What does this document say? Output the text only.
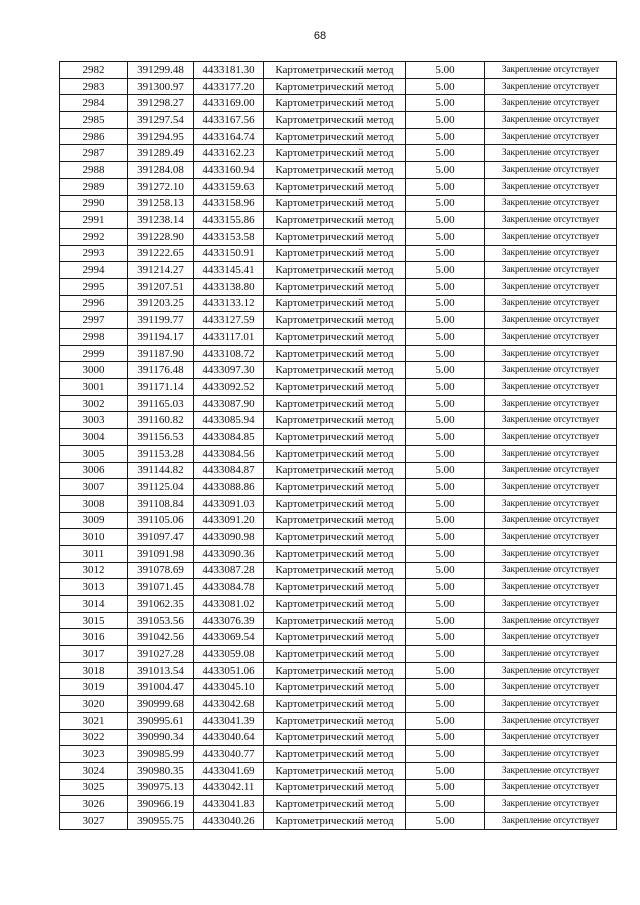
68
2982	391299.48	4433181.30	Картометрический метод	5.00	Закрепление отсутствует
2983	391300.97	4433177.20	Картометрический метод	5.00	Закрепление отсутствует
2984	391298.27	4433169.00	Картометрический метод	5.00	Закрепление отсутствует
2985	391297.54	4433167.56	Картометрический метод	5.00	Закрепление отсутствует
2986	391294.95	4433164.74	Картометрический метод	5.00	Закрепление отсутствует
2987	391289.49	4433162.23	Картометрический метод	5.00	Закрепление отсутствует
2988	391284.08	4433160.94	Картометрический метод	5.00	Закрепление отсутствует
2989	391272.10	4433159.63	Картометрический метод	5.00	Закрепление отсутствует
2990	391258.13	4433158.96	Картометрический метод	5.00	Закрепление отсутствует
2991	391238.14	4433155.86	Картометрический метод	5.00	Закрепление отсутствует
2992	391228.90	4433153.58	Картометрический метод	5.00	Закрепление отсутствует
2993	391222.65	4433150.91	Картометрический метод	5.00	Закрепление отсутствует
2994	391214.27	4433145.41	Картометрический метод	5.00	Закрепление отсутствует
2995	391207.51	4433138.80	Картометрический метод	5.00	Закрепление отсутствует
2996	391203.25	4433133.12	Картометрический метод	5.00	Закрепление отсутствует
2997	391199.77	4433127.59	Картометрический метод	5.00	Закрепление отсутствует
2998	391194.17	4433117.01	Картометрический метод	5.00	Закрепление отсутствует
2999	391187.90	4433108.72	Картометрический метод	5.00	Закрепление отсутствует
3000	391176.48	4433097.30	Картометрический метод	5.00	Закрепление отсутствует
3001	391171.14	4433092.52	Картометрический метод	5.00	Закрепление отсутствует
3002	391165.03	4433087.90	Картометрический метод	5.00	Закрепление отсутствует
3003	391160.82	4433085.94	Картометрический метод	5.00	Закрепление отсутствует
3004	391156.53	4433084.85	Картометрический метод	5.00	Закрепление отсутствует
3005	391153.28	4433084.56	Картометрический метод	5.00	Закрепление отсутствует
3006	391144.82	4433084.87	Картометрический метод	5.00	Закрепление отсутствует
3007	391125.04	4433088.86	Картометрический метод	5.00	Закрепление отсутствует
3008	391108.84	4433091.03	Картометрический метод	5.00	Закрепление отсутствует
3009	391105.06	4433091.20	Картометрический метод	5.00	Закрепление отсутствует
3010	391097.47	4433090.98	Картометрический метод	5.00	Закрепление отсутствует
3011	391091.98	4433090.36	Картометрический метод	5.00	Закрепление отсутствует
3012	391078.69	4433087.28	Картометрический метод	5.00	Закрепление отсутствует
3013	391071.45	4433084.78	Картометрический метод	5.00	Закрепление отсутствует
3014	391062.35	4433081.02	Картометрический метод	5.00	Закрепление отсутствует
3015	391053.56	4433076.39	Картометрический метод	5.00	Закрепление отсутствует
3016	391042.56	4433069.54	Картометрический метод	5.00	Закрепление отсутствует
3017	391027.28	4433059.08	Картометрический метод	5.00	Закрепление отсутствует
3018	391013.54	4433051.06	Картометрический метод	5.00	Закрепление отсутствует
3019	391004.47	4433045.10	Картометрический метод	5.00	Закрепление отсутствует
3020	390999.68	4433042.68	Картометрический метод	5.00	Закрепление отсутствует
3021	390995.61	4433041.39	Картометрический метод	5.00	Закрепление отсутствует
3022	390990.34	4433040.64	Картометрический метод	5.00	Закрепление отсутствует
3023	390985.99	4433040.77	Картометрический метод	5.00	Закрепление отсутствует
3024	390980.35	4433041.69	Картометрический метод	5.00	Закрепление отсутствует
3025	390975.13	4433042.11	Картометрический метод	5.00	Закрепление отсутствует
3026	390966.19	4433041.83	Картометрический метод	5.00	Закрепление отсутствует
3027	390955.75	4433040.26	Картометрический метод	5.00	Закрепление отсутствует
